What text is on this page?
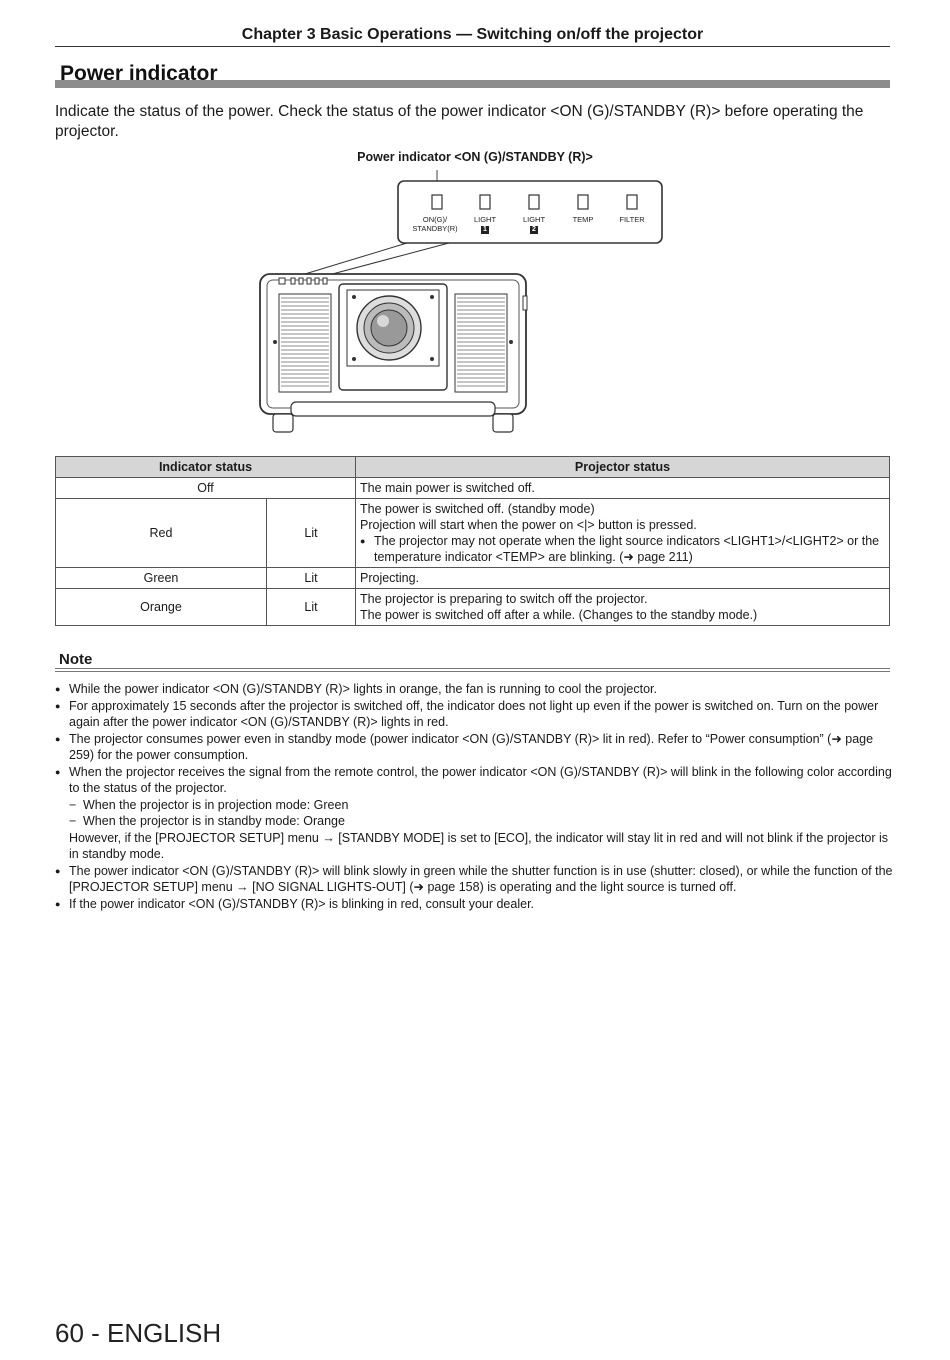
Chapter 3 Basic Operations — Switching on/off the projector
Power indicator
Indicate the status of the power. Check the status of the power indicator <ON (G)/STANDBY (R)> before operating the projector.
Power indicator <ON (G)/STANDBY (R)>
ON(G)/
STANDBY(R)
LIGHT
1
LIGHT
2
TEMP	FILTER
Indicator status		Projector status
Off		The main power is switched off.
Red	Lit	The power is switched off. (standby mode)
Projection will start when the power on <|> button is pressed.
● The projector may not operate when the light source indicators <LIGHT1>/<LIGHT2> or the temperature indicator <TEMP> are blinking. (➜ page 211)

Green	Lit	Projecting.
Orange	Lit	The projector is preparing to switch off the projector.
The power is switched off after a while. (Changes to the standby mode.)
Note
● While the power indicator <ON (G)/STANDBY (R)> lights in orange, the fan is running to cool the projector.
● For approximately 15 seconds after the projector is switched off, the indicator does not light up even if the power is switched on. Turn on the power again after the power indicator <ON (G)/STANDBY (R)> lights in red.
● The projector consumes power even in standby mode (power indicator <ON (G)/STANDBY (R)> lit in red). Refer to “Power consumption” (➜ page 259) for the power consumption.
● When the projector receives the signal from the remote control, the power indicator <ON (G)/STANDBY (R)> will blink in the following color according to the status of the projector.
− When the projector is in projection mode: Green
− When the projector is in standby mode: Orange
However, if the [PROJECTOR SETUP] menu → [STANDBY MODE] is set to [ECO], the indicator will stay lit in red and will not blink if the projector is in standby mode.
● The power indicator <ON (G)/STANDBY (R)> will blink slowly in green while the shutter function is in use (shutter: closed), or while the function of the [PROJECTOR SETUP] menu → [NO SIGNAL LIGHTS-OUT] (➜ page 158) is operating and the light source is turned off.
● If the power indicator <ON (G)/STANDBY (R)> is blinking in red, consult your dealer.
60 - ENGLISH
